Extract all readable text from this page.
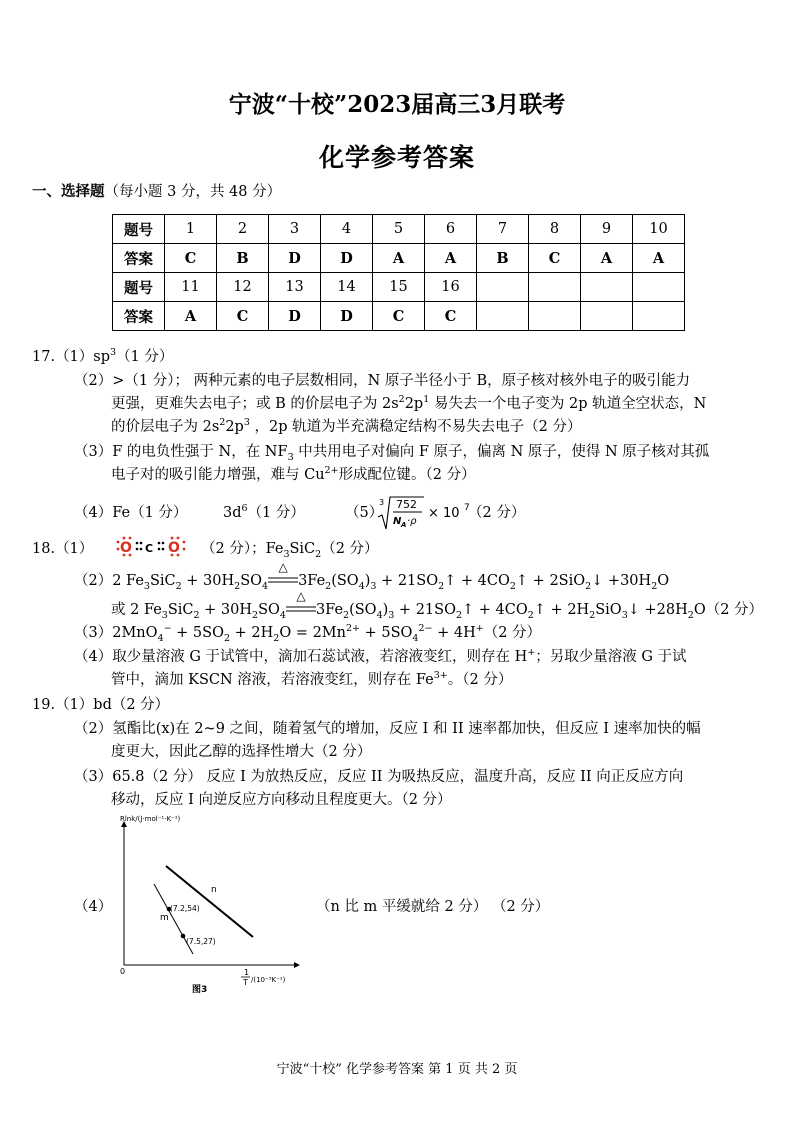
宁波“十校”2023届高三3月联考
化学参考答案
一、选择题（每小题 3 分，共 48 分）
题号	1	2	3	4	5	6	7	8	9	10
答案	C	B	D	D	A	A	B	C	A	A
题号	11	12	13	14	15	16				
答案	A	C	D	D	C	C				
$17.(1)sp^3(1$ 分）
（2）>（1 分）； 两种元素的电子层数相同，N 原子半径小于 B，原子核对核外电子的吸引能力
更强，更难失去电子；或 B 的价层电子为 $2s^22p^1$ 易失去一个电子变为 2p 轨道全空状态，N
的价层电子为 $2s^22p^3$ ，2p 轨道为半充满稳定结构不易失去电子（2 分）
（3）F 的电负性强于 N，在 $NF_3$ 中共用电子对偏向 F 原子，偏离 N 原子，使得 N 原子核对其孤
电子对的吸引能力增强，难与 $Cu^{2+}$形成配位键。（2 分）
（4）Fe（1 分） $3d^6(1$ 分）	（5）
3 752
N A ·ρ
× 10 7
（2 分）
18.（1） O C O （2 分）；$Fe_3SiC_2(2$ 分）
（2）2 $Fe_3SiC_2 + 30H_2SO_4$
△
$3Fe_2(SO_4)_3$ + $21SO_2↑$ + $4CO_2↑$ + 2SiO$_2$↓ $+30H_2O$
或 2 $Fe_3SiC_2 + 30H_2SO_4$
△
$3Fe_2(SO_4)_3$ + $21SO_2↑$ + $4CO_2↑$ + $2H_2SiO_3↓ +28H_2O(2$ 分）
$(3)2MnO_4^- + 5SO_2 + 2H_2O = 2Mn^{2+} + 5SO_4^{2-} + 4H^+(2$ 分）
（4）取少量溶液 G 于试管中，滴加石蕊试液，若溶液变红，则存在 H+；另取少量溶液 G 于试
管中，滴加 KSCN 溶液，若溶液变红，则存在 $Fe^{3+}$。（2 分）
19.（1）bd（2 分）
（2）氢酯比(x)在 2~9 之间，随着氢气的增加，反应 I 和 II 速率都加快，但反应 I 速率加快的幅
度更大，因此乙醇的选择性增大（2 分）
（3）65.8（2 分） 反应 I 为放热反应，反应 II 为吸热反应，温度升高，反应 II 向正反应方向
移动，反应 I 向逆反应方向移动且程度更大。（2 分）
（4）	（n 比 m 平缓就给 2 分） （2 分）
Rlnk/(J·mol⁻¹·K⁻¹)
0
n
m
(7.2,54)
(7.5,27)
1
T /(10⁻³K⁻¹)
图3
宁波“十校” 化学参考答案 第 1 页 共 2 页
